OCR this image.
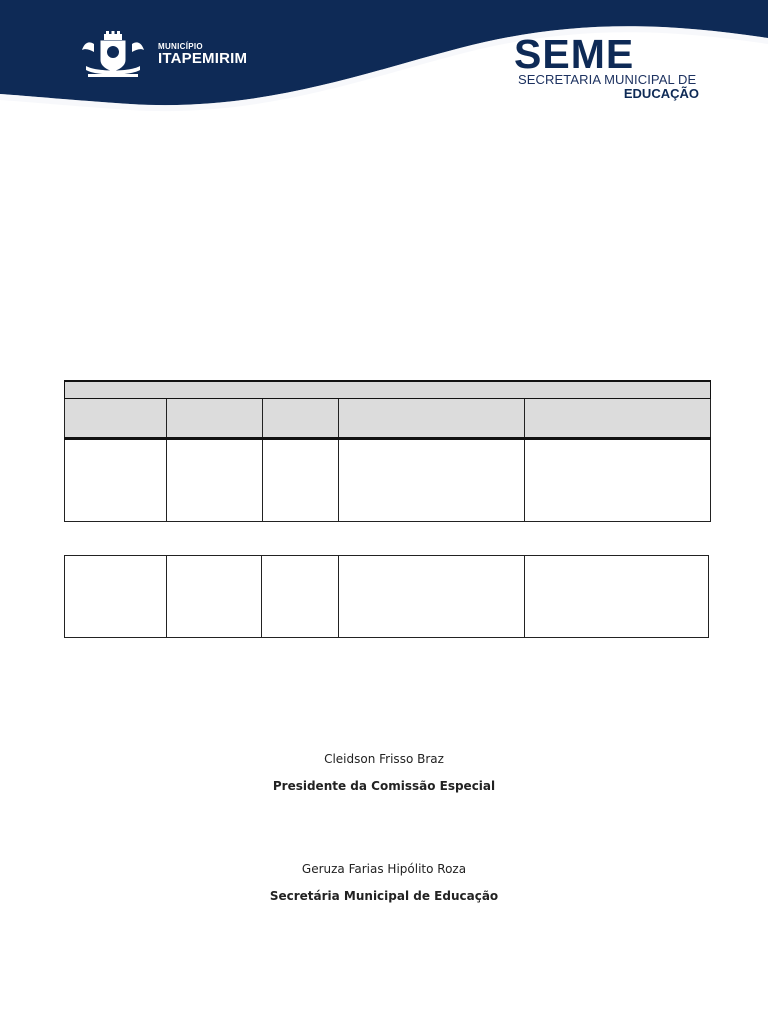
MUNICÍPIO
ITAPEMIRIM	SEME
SECRETARIA MUNICIPAL DE
EDUCAÇÃO

Cleidson Frisso Braz
Presidente da Comissão Especial
Geruza Farias Hipólito Roza
Secretária Municipal de Educação
